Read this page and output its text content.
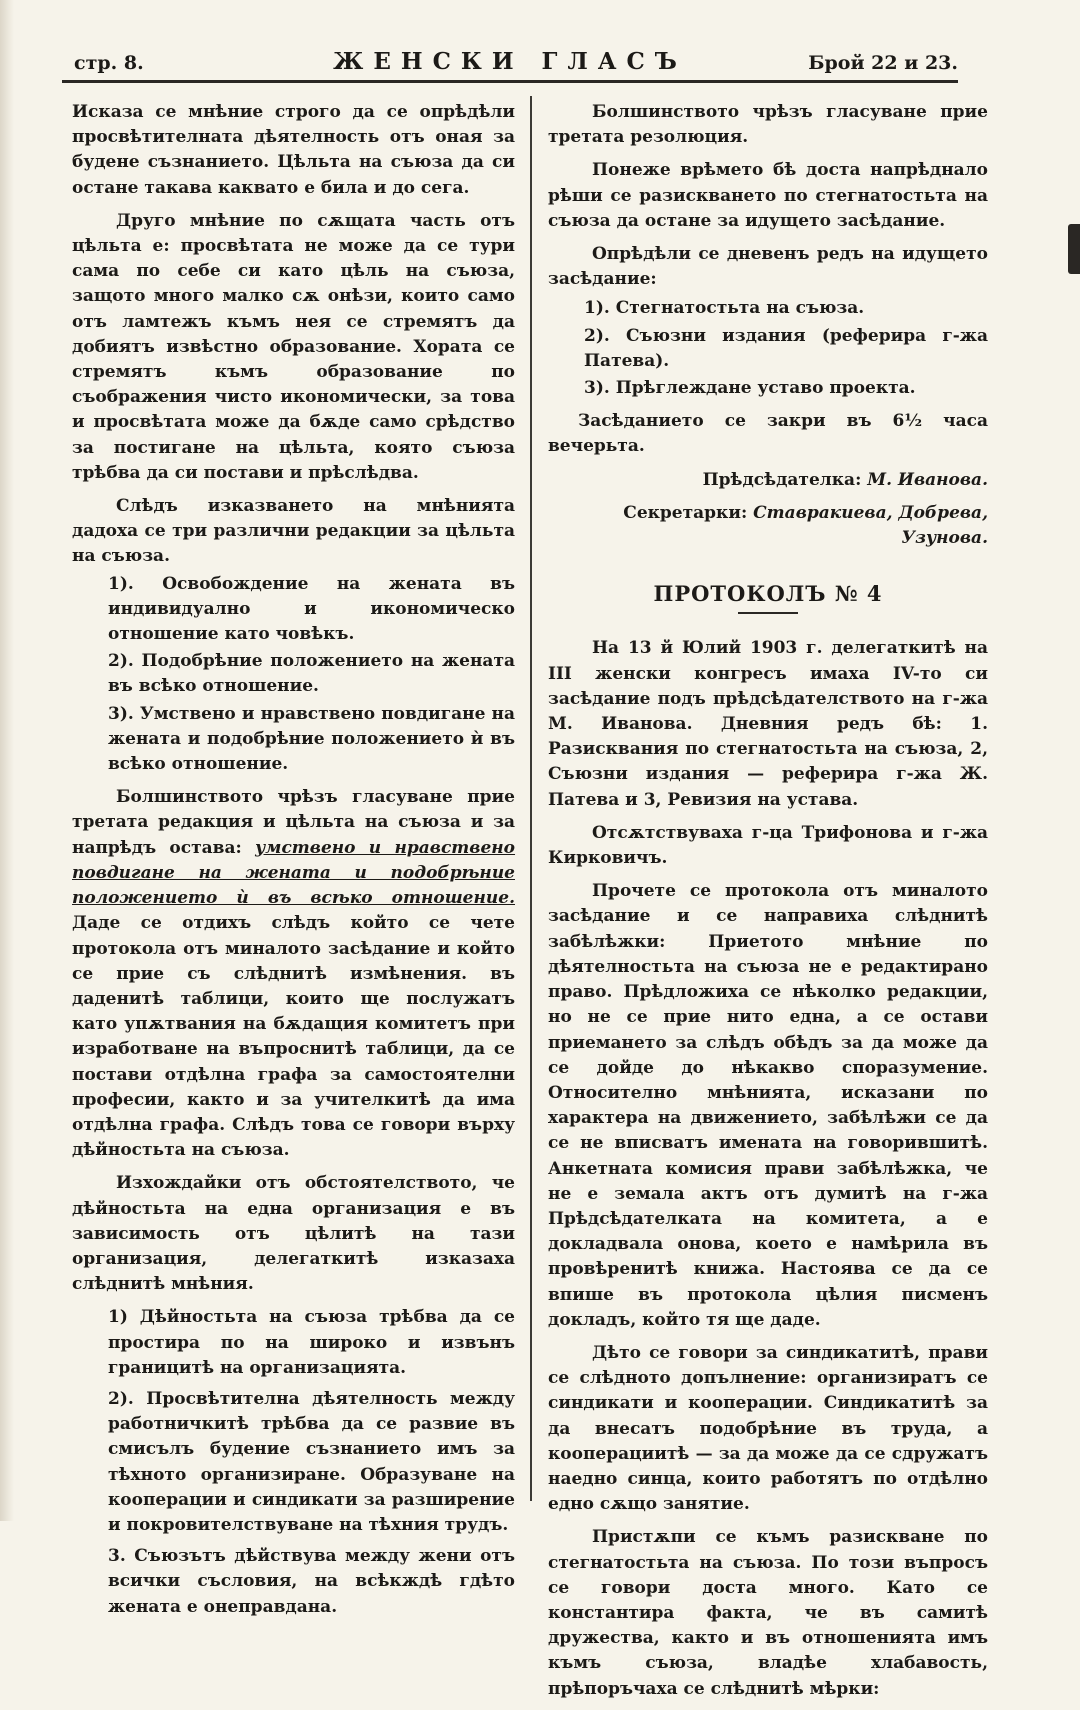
стр. 8.	ЖЕНСКИ ГЛАСЪ	Брой 22 и 23.

Исказа се мнѣние строго да се опрѣдѣли просвѣтителната дѣятелность отъ оная за будене съзнанието. Цѣльта на съюза да си остане такава каквато е била и до сега.

Друго мнѣние по сѫщата часть отъ цѣльта е: просвѣтата не може да се тури сама по себе си като цѣль на съюза, защото много малко сѫ онѣзи, които само отъ ламтежъ къмъ нея се стремятъ да добиятъ извѣстно образование. Хората се стремятъ къмъ образование по съображения чисто икономически, за това и просвѣтата може да бѫде само срѣдство за постигане на цѣльта, която съюза трѣбва да си постави и прѣслѣдва.

Слѣдъ изказването на мнѣнията дадоха се три различни редакции за цѣльта на съюза.

1). Освобождение на жената въ индивидуално и икономическо отношение като човѣкъ.

2). Подобрѣние положението на жената въ всѣко отношение.

3). Умствено и нравствено повдигане на жената и подобрѣние положението ѝ въ всѣко отношение.

Болшинството чрѣзъ гласуване прие третата редакция и цѣльта на съюза и за напрѣдъ остава: умствено и нравствено повдигане на жената и подобрѣние положението ѝ въ всѣко отношение. Даде се отдихъ слѣдъ който се чете протокола отъ миналото засѣдание и който се прие съ слѣднитѣ измѣнения. въ даденитѣ таблици, които ще послужатъ като упѫтвания на бѫдащия комитетъ при изработване на въпроснитѣ таблици, да се постави отдѣлна графа за самостоятелни професии, както и за учителкитѣ да има отдѣлна графа. Слѣдъ това се говори върху дѣйностьта на съюза.

Изхождайки отъ обстоятелството, че дѣйностьта на една организация е въ зависимость отъ цѣлитѣ на тази организация, делегаткитѣ изказаха слѣднитѣ мнѣния.

1) Дѣйностьта на съюза трѣбва да се простира по на широко и извънъ границитѣ на организацията.

2). Просвѣтителна дѣятелность между работничкитѣ трѣбва да се развие въ смисълъ будение съзнанието имъ за тѣхното организиране. Образуване на кооперации и синдикати за разширение и покровителствуване на тѣхния трудъ.

3. Съюзътъ дѣйствува между жени отъ всички съсловия, на всѣкждѣ гдѣто жената е онеправдана.

Болшинството чрѣзъ гласуване прие третата резолюция.

Понеже врѣмето бѣ доста напрѣднало рѣши се разискването по стегнатостьта на съюза да остане за идущето засѣдание.

Опрѣдѣли се дневенъ редъ на идущето засѣдание:

1). Стегнатостьта на съюза.

2). Съюзни издания (реферира г-жа Патева).

3). Прѣглеждане уставо проекта.

Засѣданието се закри въ 6½ часа вечерьта.

Прѣдсѣдателка: М. Иванова.

Секретарки: Ставракиева, Добрева, Узунова.

ПРОТОКОЛЪ № 4

На 13 й Юлий 1903 г. делегаткитѣ на III женски конгресъ имаха IV-то си засѣдание подъ прѣдсѣдателството на г-жа М. Иванова. Дневния редъ бѣ: 1. Разисквания по стегнатостьта на съюза, 2, Съюзни издания — реферира г-жа Ж. Патева и 3, Ревизия на устава.

Отсѫтствуваха г-ца Трифонова и г-жа Кирковичъ.

Прочете се протокола отъ миналото засѣдание и се направиха слѣднитѣ забѣлѣжки: Приетото мнѣние по дѣятелностьта на съюза не е редактирано право. Прѣдложиха се нѣколко редакции, но не се прие нито една, а се остави приемането за слѣдъ обѣдъ за да може да се дойде до нѣкакво споразумение. Относително мнѣнията, исказани по характера на движението, забѣлѣжи се да се не вписватъ имената на говорившитѣ. Анкетната комисия прави забѣлѣжка, че не е земала актъ отъ думитѣ на г-жа Прѣдсѣдателката на комитета, а е докладвала онова, което е намѣрила въ провѣренитѣ книжа. Настоява се да се впише въ протокола цѣлия писменъ докладъ, който тя ще даде.

Дѣто се говори за синдикатитѣ, прави се слѣдното допълнение: организиратъ се синдикати и кооперации. Синдикатитѣ за да внесатъ подобрѣние въ труда, а кооперациитѣ — за да може да се сдружатъ наедно синца, които работятъ по отдѣлно едно сѫщо занятие.

Пристѫпи се къмъ разискване по стегнатостьта на съюза. По този въпросъ се говори доста много. Като се константира факта, че въ самитѣ дружества, както и въ отношенията имъ къмъ съюза, владѣе хлабавость, прѣпоръчаха се слѣднитѣ мѣрки:
